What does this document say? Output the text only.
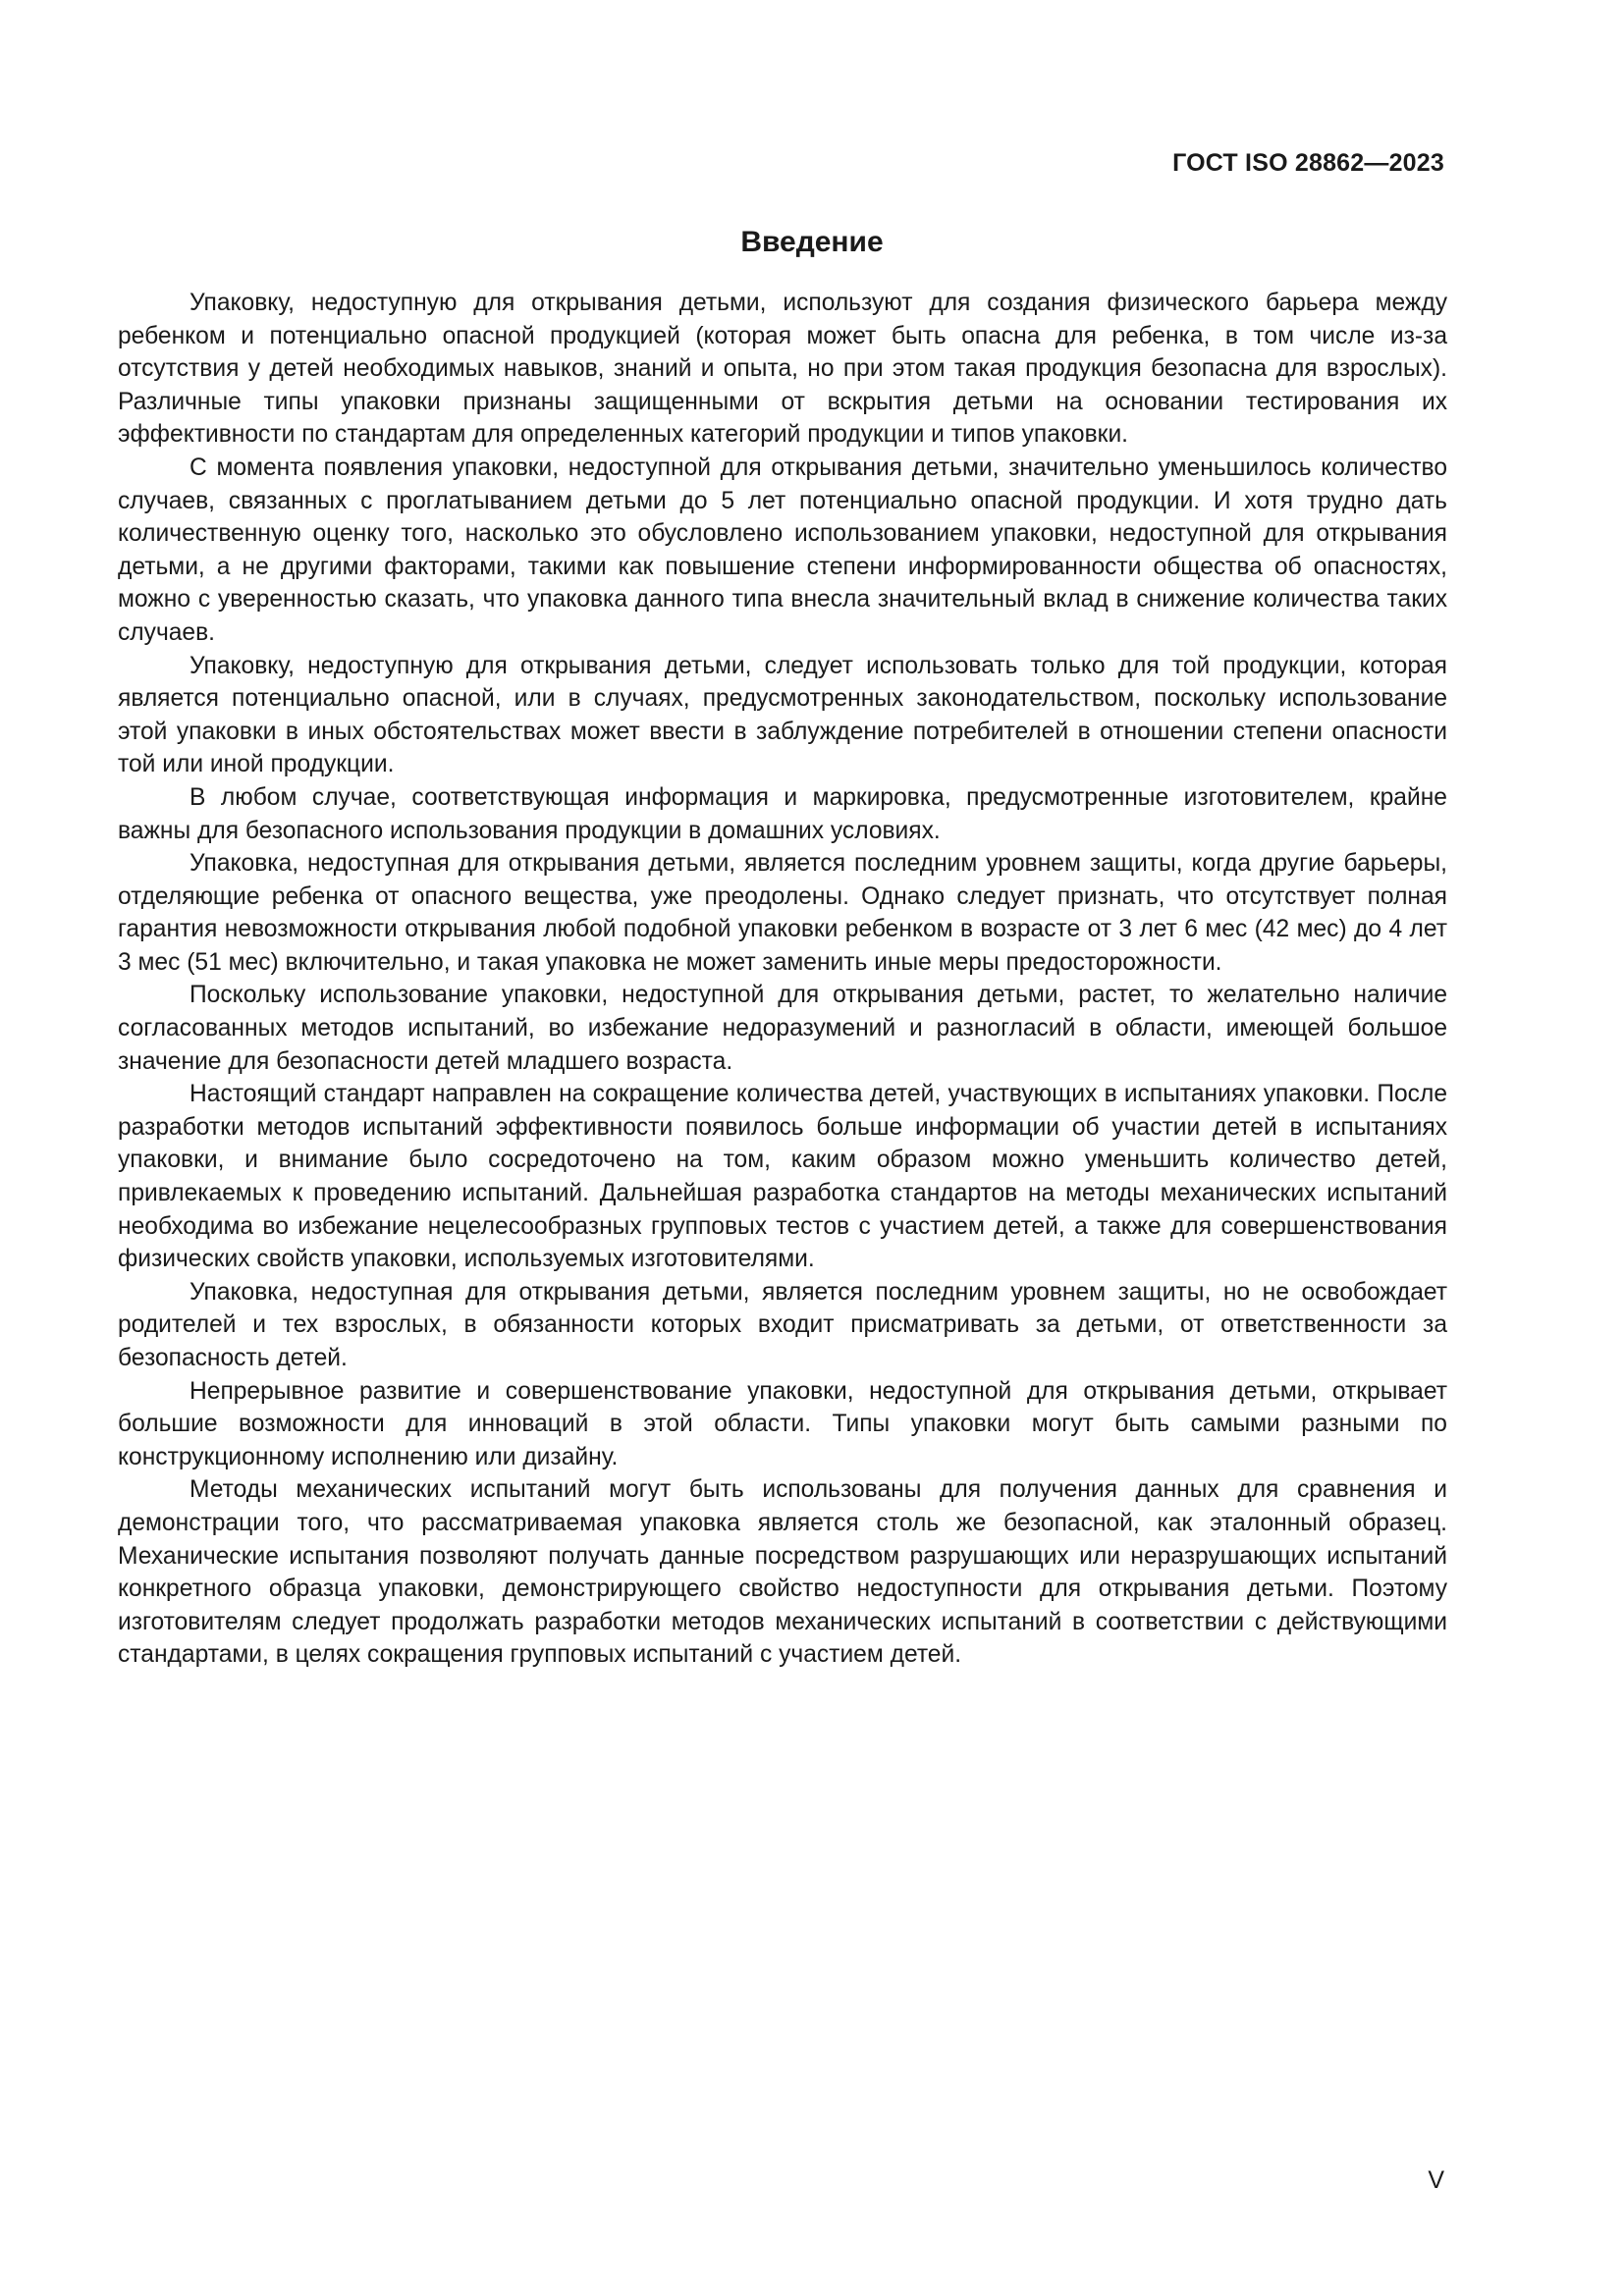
ГОСТ ISO 28862—2023
Введение

Упаковку, недоступную для открывания детьми, используют для создания физического барьера между ребенком и потенциально опасной продукцией (которая может быть опасна для ребенка, в том числе из-за отсутствия у детей необходимых навыков, знаний и опыта, но при этом такая продукция безопасна для взрослых). Различные типы упаковки признаны защищенными от вскрытия детьми на основании тестирования их эффективности по стандартам для определенных категорий продукции и типов упаковки.

С момента появления упаковки, недоступной для открывания детьми, значительно уменьшилось количество случаев, связанных с проглатыванием детьми до 5 лет потенциально опасной продукции. И хотя трудно дать количественную оценку того, насколько это обусловлено использованием упаковки, недоступной для открывания детьми, а не другими факторами, такими как повышение степени информированности общества об опасностях, можно с уверенностью сказать, что упаковка данного типа внесла значительный вклад в снижение количества таких случаев.

Упаковку, недоступную для открывания детьми, следует использовать только для той продукции, которая является потенциально опасной, или в случаях, предусмотренных законодательством, поскольку использование этой упаковки в иных обстоятельствах может ввести в заблуждение потребителей в отношении степени опасности той или иной продукции.

В любом случае, соответствующая информация и маркировка, предусмотренные изготовителем, крайне важны для безопасного использования продукции в домашних условиях.

Упаковка, недоступная для открывания детьми, является последним уровнем защиты, когда другие барьеры, отделяющие ребенка от опасного вещества, уже преодолены. Однако следует признать, что отсутствует полная гарантия невозможности открывания любой подобной упаковки ребенком в возрасте от 3 лет 6 мес (42 мес) до 4 лет 3 мес (51 мес) включительно, и такая упаковка не может заменить иные меры предосторожности.

Поскольку использование упаковки, недоступной для открывания детьми, растет, то желательно наличие согласованных методов испытаний, во избежание недоразумений и разногласий в области, имеющей большое значение для безопасности детей младшего возраста.

Настоящий стандарт направлен на сокращение количества детей, участвующих в испытаниях упаковки. После разработки методов испытаний эффективности появилось больше информации об участии детей в испытаниях упаковки, и внимание было сосредоточено на том, каким образом можно уменьшить количество детей, привлекаемых к проведению испытаний. Дальнейшая разработка стандартов на методы механических испытаний необходима во избежание нецелесообразных групповых тестов с участием детей, а также для совершенствования физических свойств упаковки, используемых изготовителями.

Упаковка, недоступная для открывания детьми, является последним уровнем защиты, но не освобождает родителей и тех взрослых, в обязанности которых входит присматривать за детьми, от ответственности за безопасность детей.

Непрерывное развитие и совершенствование упаковки, недоступной для открывания детьми, открывает большие возможности для инноваций в этой области. Типы упаковки могут быть самыми разными по конструкционному исполнению или дизайну.

Методы механических испытаний могут быть использованы для получения данных для сравнения и демонстрации того, что рассматриваемая упаковка является столь же безопасной, как эталонный образец. Механические испытания позволяют получать данные посредством разрушающих или неразрушающих испытаний конкретного образца упаковки, демонстрирующего свойство недоступности для открывания детьми. Поэтому изготовителям следует продолжать разработки методов механических испытаний в соответствии с действующими стандартами, в целях сокращения групповых испытаний с участием детей.

V
